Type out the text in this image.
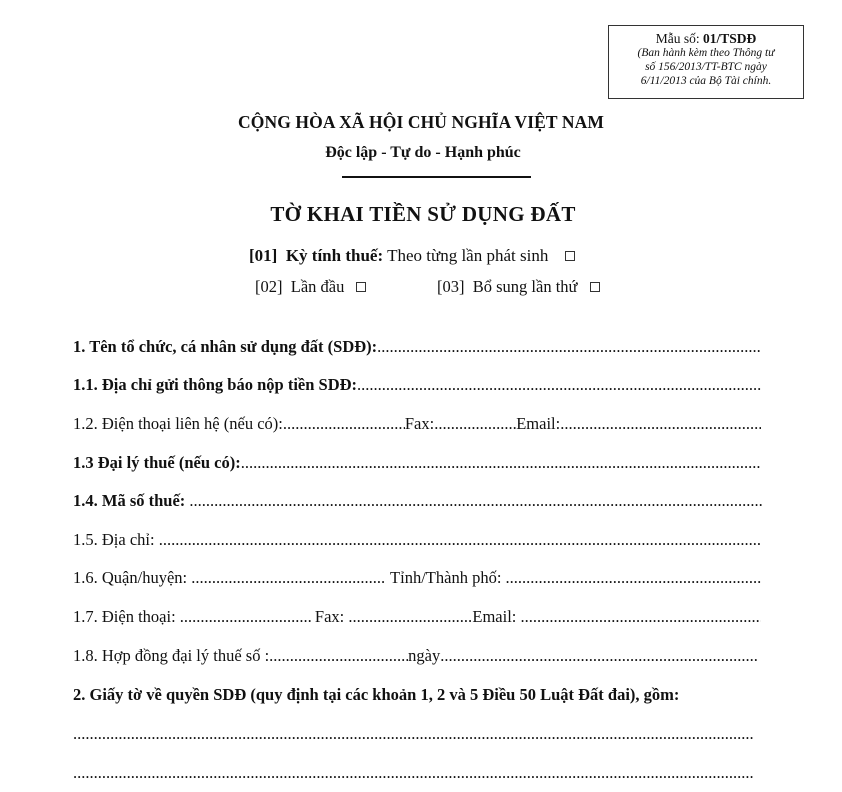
Mẫu số: 01/TSDĐ
(Ban hành kèm theo Thông tư
số 156/2013/TT-BTC ngày
6/11/2013 của Bộ Tài chính.
CỘNG HÒA XÃ HỘI CHỦ NGHĨA VIỆT NAM
Độc lập - Tự do - Hạnh phúc
TỜ KHAI TIỀN SỬ DỤNG ĐẤT
[01] Kỳ tính thuế: Theo từng lần phát sinh
[02] Lần đầu	[03] Bổ sung lần thứ
1. Tên tổ chức, cá nhân sử dụng đất (SDĐ):
.....
1.1. Địa chỉ gửi thông báo nộp tiền SDĐ:
.....
1.2. Điện thoại liên hệ (nếu có): .....	Fax: .....	Email:
.....
1.3 Đại lý thuế (nếu có):
.....
1.4. Mã số thuế:
.....
1.5. Địa chỉ:
.....
1.6. Quận/huyện: .....	Tỉnh/Thành phố:
.....
1.7. Điện thoại: .....	Fax: .....	Email:
.....
1.8. Hợp đồng đại lý thuế số : .....	ngày
.....
2. Giấy tờ về quyền SDĐ (quy định tại các khoản 1, 2 và 5 Điều 50 Luật Đất đai), gồm:
.....
.....
